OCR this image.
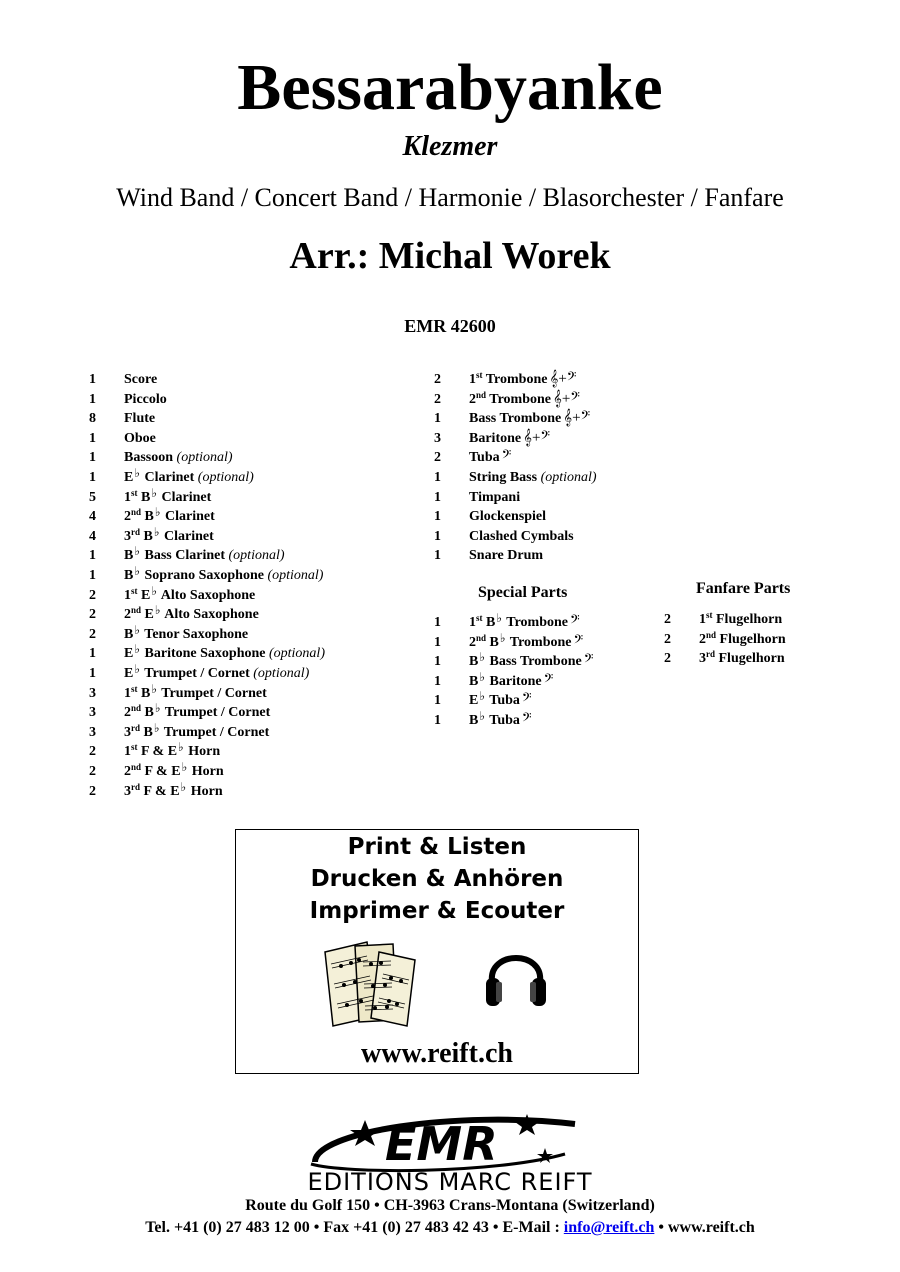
Bessarabyanke
Klezmer
Wind Band / Concert Band / Harmonie / Blasorchester / Fanfare
Arr.: Michal Worek
EMR 42600
1	Score
1	Piccolo
8	Flute
1	Oboe
1	Bassoon (optional)
1	E♭ Clarinet (optional)
5	1st B♭ Clarinet
4	2nd B♭ Clarinet
4	3rd B♭ Clarinet
1	B♭ Bass Clarinet (optional)
1	B♭ Soprano Saxophone (optional)
2	1st E♭ Alto Saxophone
2	2nd E♭ Alto Saxophone
2	B♭ Tenor Saxophone
1	E♭ Baritone Saxophone (optional)
1	E♭ Trumpet / Cornet (optional)
3	1st B♭ Trumpet / Cornet
3	2nd B♭ Trumpet / Cornet
3	3rd B♭ Trumpet / Cornet
2	1st F & E♭ Horn
2	2nd F & E♭ Horn
2	3rd F & E♭ Horn
2	1st Trombone 𝄞+𝄢
2	2nd Trombone 𝄞+𝄢
1	Bass Trombone 𝄞+𝄢
3	Baritone 𝄞+𝄢
2	Tuba 𝄢
1	String Bass (optional)
1	Timpani
1	Glockenspiel
1	Clashed Cymbals
1	Snare Drum
Special Parts
1	1st B♭ Trombone 𝄢
1	2nd B♭ Trombone 𝄢
1	B♭ Bass Trombone 𝄢
1	B♭ Baritone 𝄢
1	E♭ Tuba 𝄢
1	B♭ Tuba 𝄢
Fanfare Parts
2	1st Flugelhorn
2	2nd Flugelhorn
2	3rd Flugelhorn
Print & Listen
Drucken & Anhören
Imprimer & Ecouter
www.reift.ch
EMR
EDITIONS MARC REIFT
Route du Golf 150 • CH-3963 Crans-Montana (Switzerland)
Tel. +41 (0) 27 483 12 00 • Fax +41 (0) 27 483 42 43 • E-Mail : info@reift.ch • www.reift.ch
